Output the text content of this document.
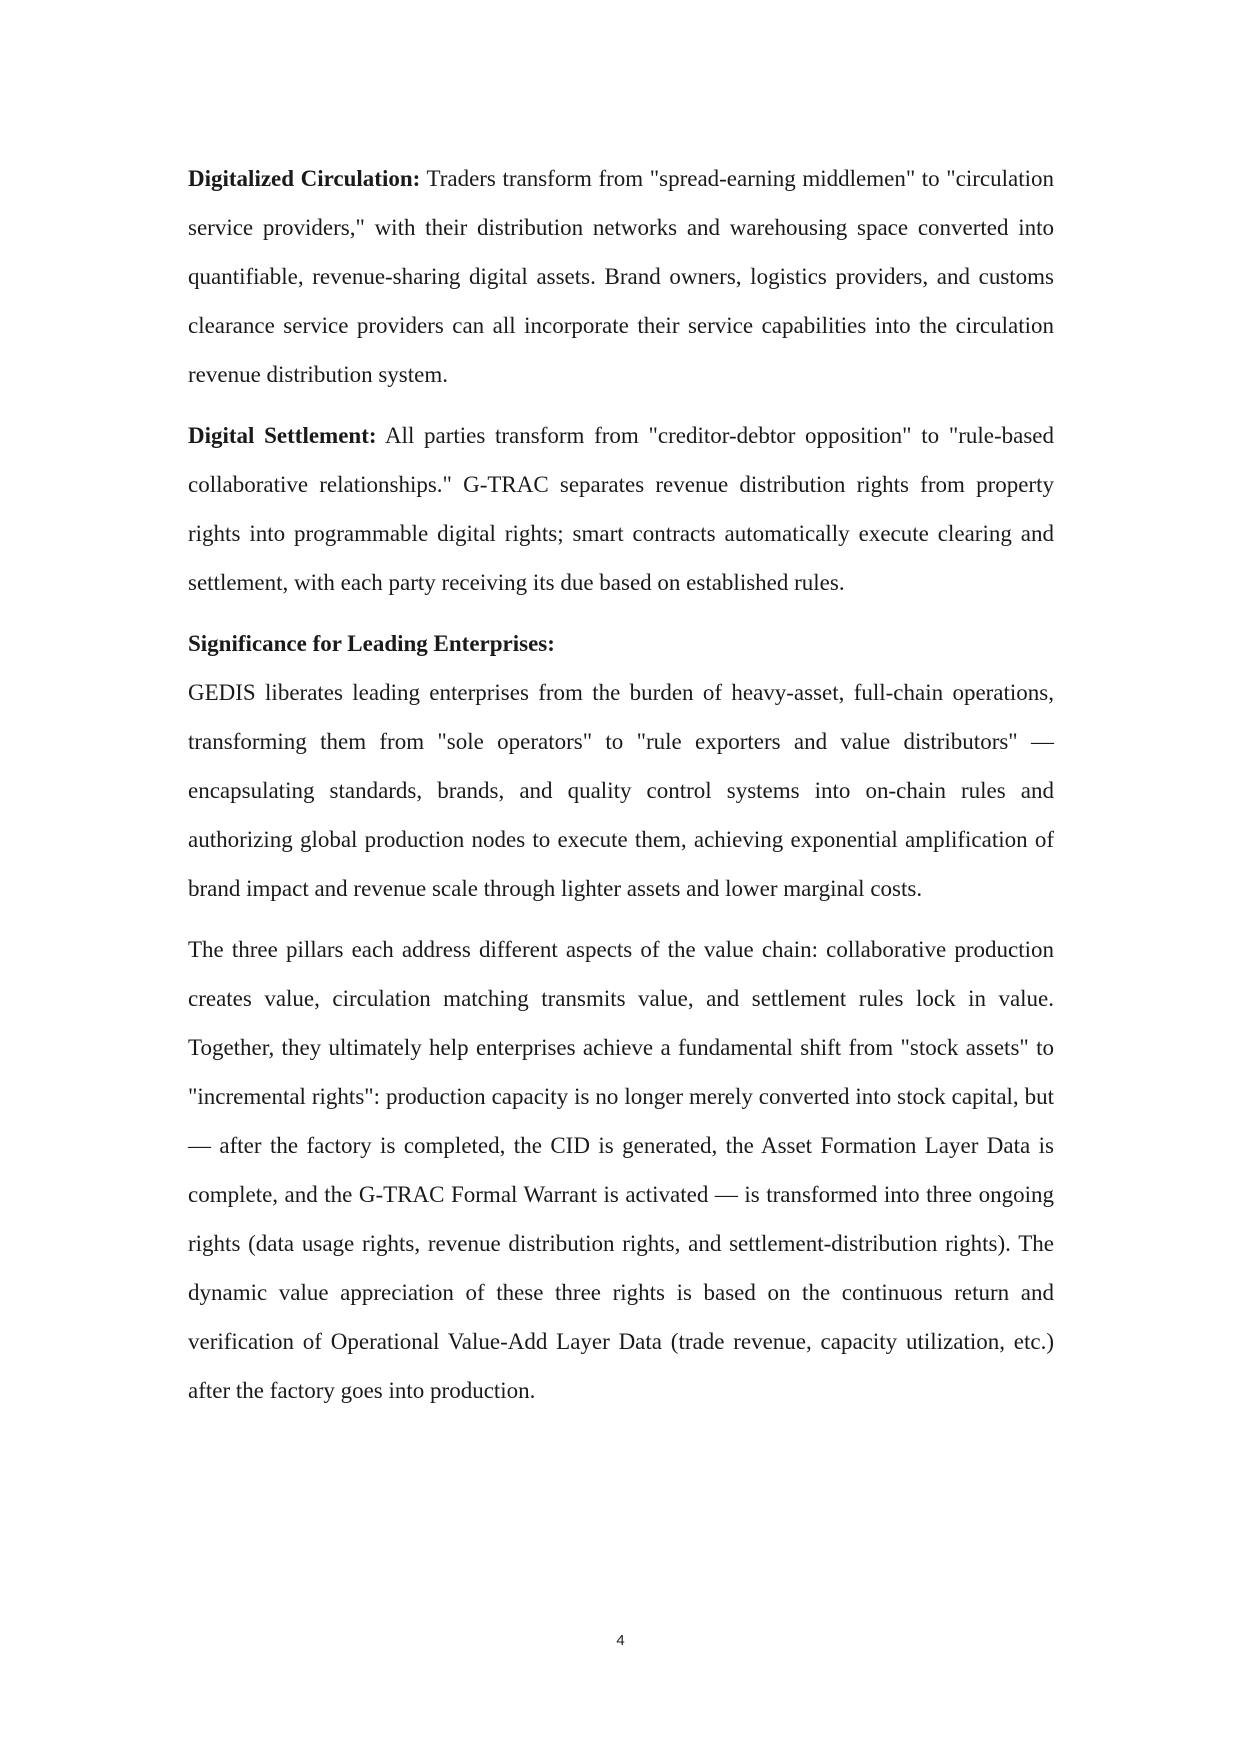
Digitalized Circulation: Traders transform from "spread-earning middlemen" to "circulation service providers," with their distribution networks and warehousing space converted into quantifiable, revenue-sharing digital assets. Brand owners, logistics providers, and customs clearance service providers can all incorporate their service capabilities into the circulation revenue distribution system.

Digital Settlement: All parties transform from "creditor-debtor opposition" to "rule-based collaborative relationships." G-TRAC separates revenue distribution rights from property rights into programmable digital rights; smart contracts automatically execute clearing and settlement, with each party receiving its due based on established rules.

Significance for Leading Enterprises:

GEDIS liberates leading enterprises from the burden of heavy-asset, full-chain operations, transforming them from "sole operators" to "rule exporters and value distributors" — encapsulating standards, brands, and quality control systems into on-chain rules and authorizing global production nodes to execute them, achieving exponential amplification of brand impact and revenue scale through lighter assets and lower marginal costs.

The three pillars each address different aspects of the value chain: collaborative production creates value, circulation matching transmits value, and settlement rules lock in value. Together, they ultimately help enterprises achieve a fundamental shift from "stock assets" to "incremental rights": production capacity is no longer merely converted into stock capital, but — after the factory is completed, the CID is generated, the Asset Formation Layer Data is complete, and the G-TRAC Formal Warrant is activated — is transformed into three ongoing rights (data usage rights, revenue distribution rights, and settlement-distribution rights). The dynamic value appreciation of these three rights is based on the continuous return and verification of Operational Value-Add Layer Data (trade revenue, capacity utilization, etc.) after the factory goes into production.

4
